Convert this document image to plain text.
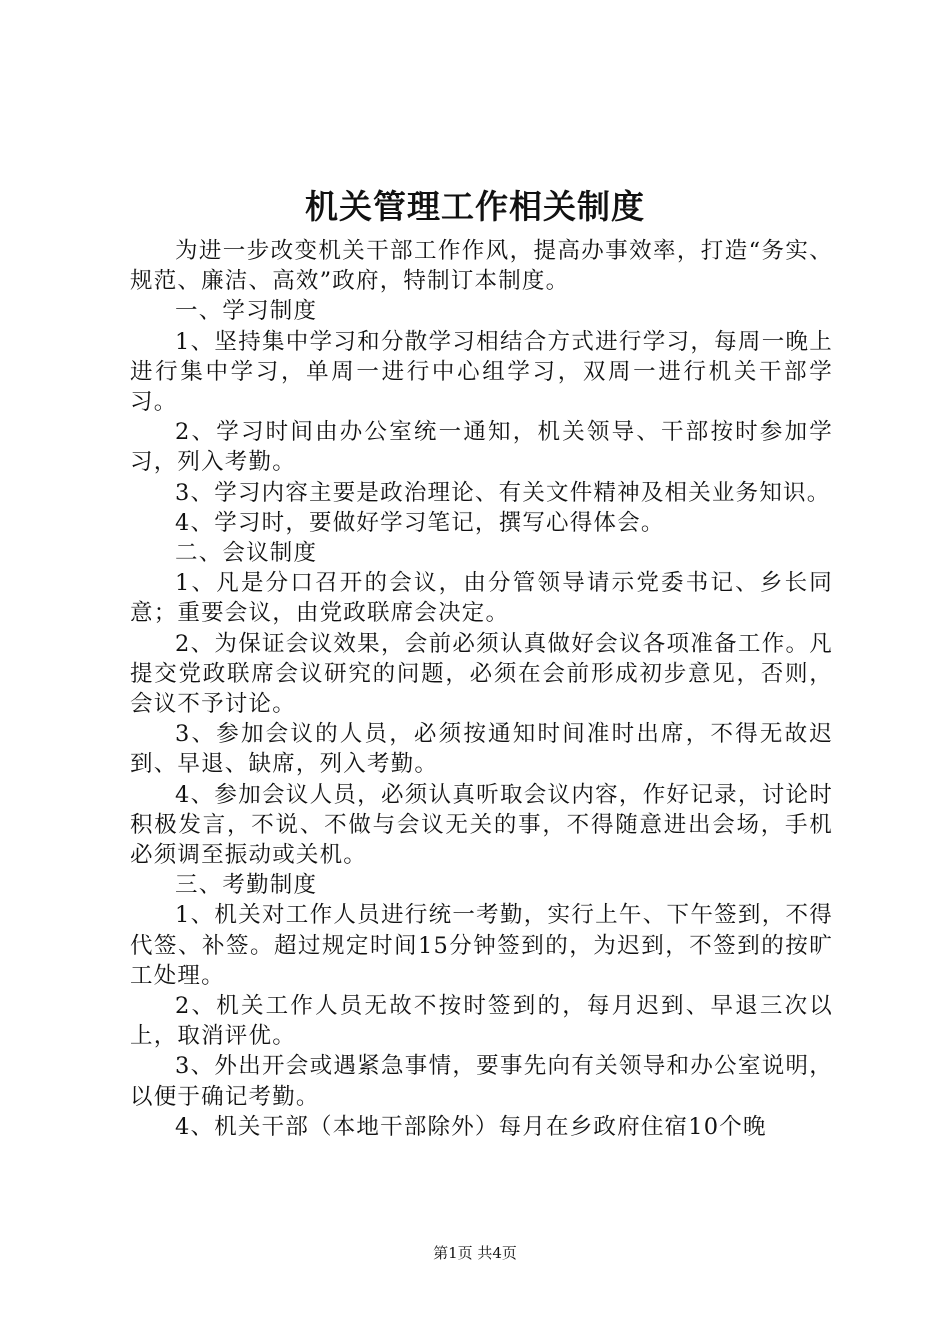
机关管理工作相关制度

为进一步改变机关干部工作作风，提高办事效率，打造“务实、规范、廉洁、高效”政府，特制订本制度。

一、学习制度

1、坚持集中学习和分散学习相结合方式进行学习，每周一晚上进行集中学习，单周一进行中心组学习，双周一进行机关干部学习。

2、学习时间由办公室统一通知，机关领导、干部按时参加学习，列入考勤。

3、学习内容主要是政治理论、有关文件精神及相关业务知识。

4、学习时，要做好学习笔记，撰写心得体会。

二、会议制度

1、凡是分口召开的会议，由分管领导请示党委书记、乡长同意；重要会议，由党政联席会决定。

2、为保证会议效果，会前必须认真做好会议各项准备工作。凡提交党政联席会议研究的问题，必须在会前形成初步意见，否则，会议不予讨论。

3、参加会议的人员，必须按通知时间准时出席，不得无故迟到、早退、缺席，列入考勤。

4、参加会议人员，必须认真听取会议内容，作好记录，讨论时积极发言，不说、不做与会议无关的事，不得随意进出会场，手机必须调至振动或关机。

三、考勤制度

1、机关对工作人员进行统一考勤，实行上午、下午签到，不得代签、补签。超过规定时间15分钟签到的，为迟到，不签到的按旷工处理。

2、机关工作人员无故不按时签到的，每月迟到、早退三次以上，取消评优。

3、外出开会或遇紧急事情，要事先向有关领导和办公室说明，以便于确记考勤。

4、机关干部（本地干部除外）每月在乡政府住宿10个晚

第1页 共4页
